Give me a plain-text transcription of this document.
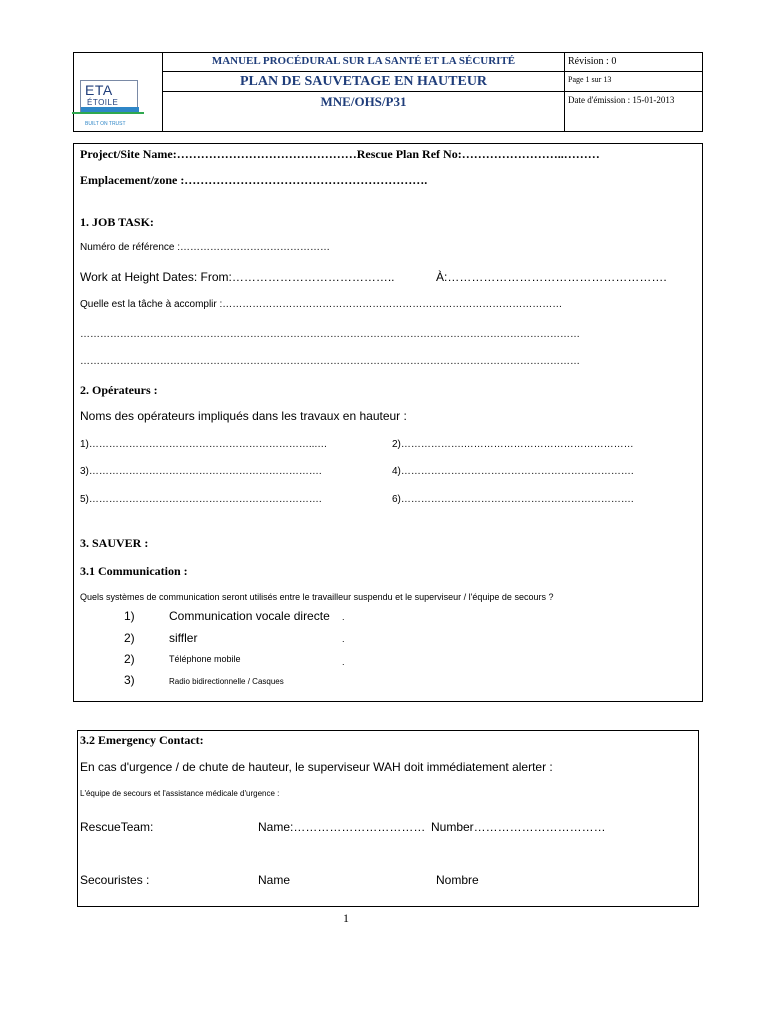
MANUEL PROCÉDURAL SUR LA SANTÉ ET LA SÉCURITÉ
PLAN DE SAUVETAGE EN HAUTEUR
MNE/OHS/P31
Révision : 0
Page 1 sur 13
Date d'émission : 15-01-2013
ETA
ÉTOILE
BUILT ON TRUST
Project/Site Name:………………………………………Rescue Plan Ref No:……………………..………
Emplacement/zone :…………………………………………………….
1. JOB TASK:
Numéro de référence :………………………………………
Work at Height Dates: From:…………………………………..	À:……………………………………………….
Quelle est la tâche à accomplir :…………………………………………………………………………………………
……………………………………………………………………………………………………………………………………
……………………………………………………………………………………………………………………………………
2. Opérateurs :
Noms des opérateurs impliqués dans les travaux en hauteur :
1)…………………………………………………………...…	2)……………….……………………………………………
3)…………………………………………………………….	4)…………………………………………………………….
5)…………………………………………………………….	6)…………………………………………………………….
3. SAUVER :
3.1 Communication :
Quels systèmes de communication seront utilisés entre le travailleur suspendu et le superviseur / l'équipe de secours ?
1)	Communication vocale directe .
2)	siffler	.
2)	Téléphone mobile	.
3)	Radio bidirectionnelle / Casques
3.2 Emergency Contact:
En cas d'urgence / de chute de hauteur, le superviseur WAH doit immédiatement alerter :
L'équipe de secours et l'assistance médicale d'urgence :
RescueTeam:	Name:…………………………… Number……………………………
Secouristes :	Name	Nombre
1
